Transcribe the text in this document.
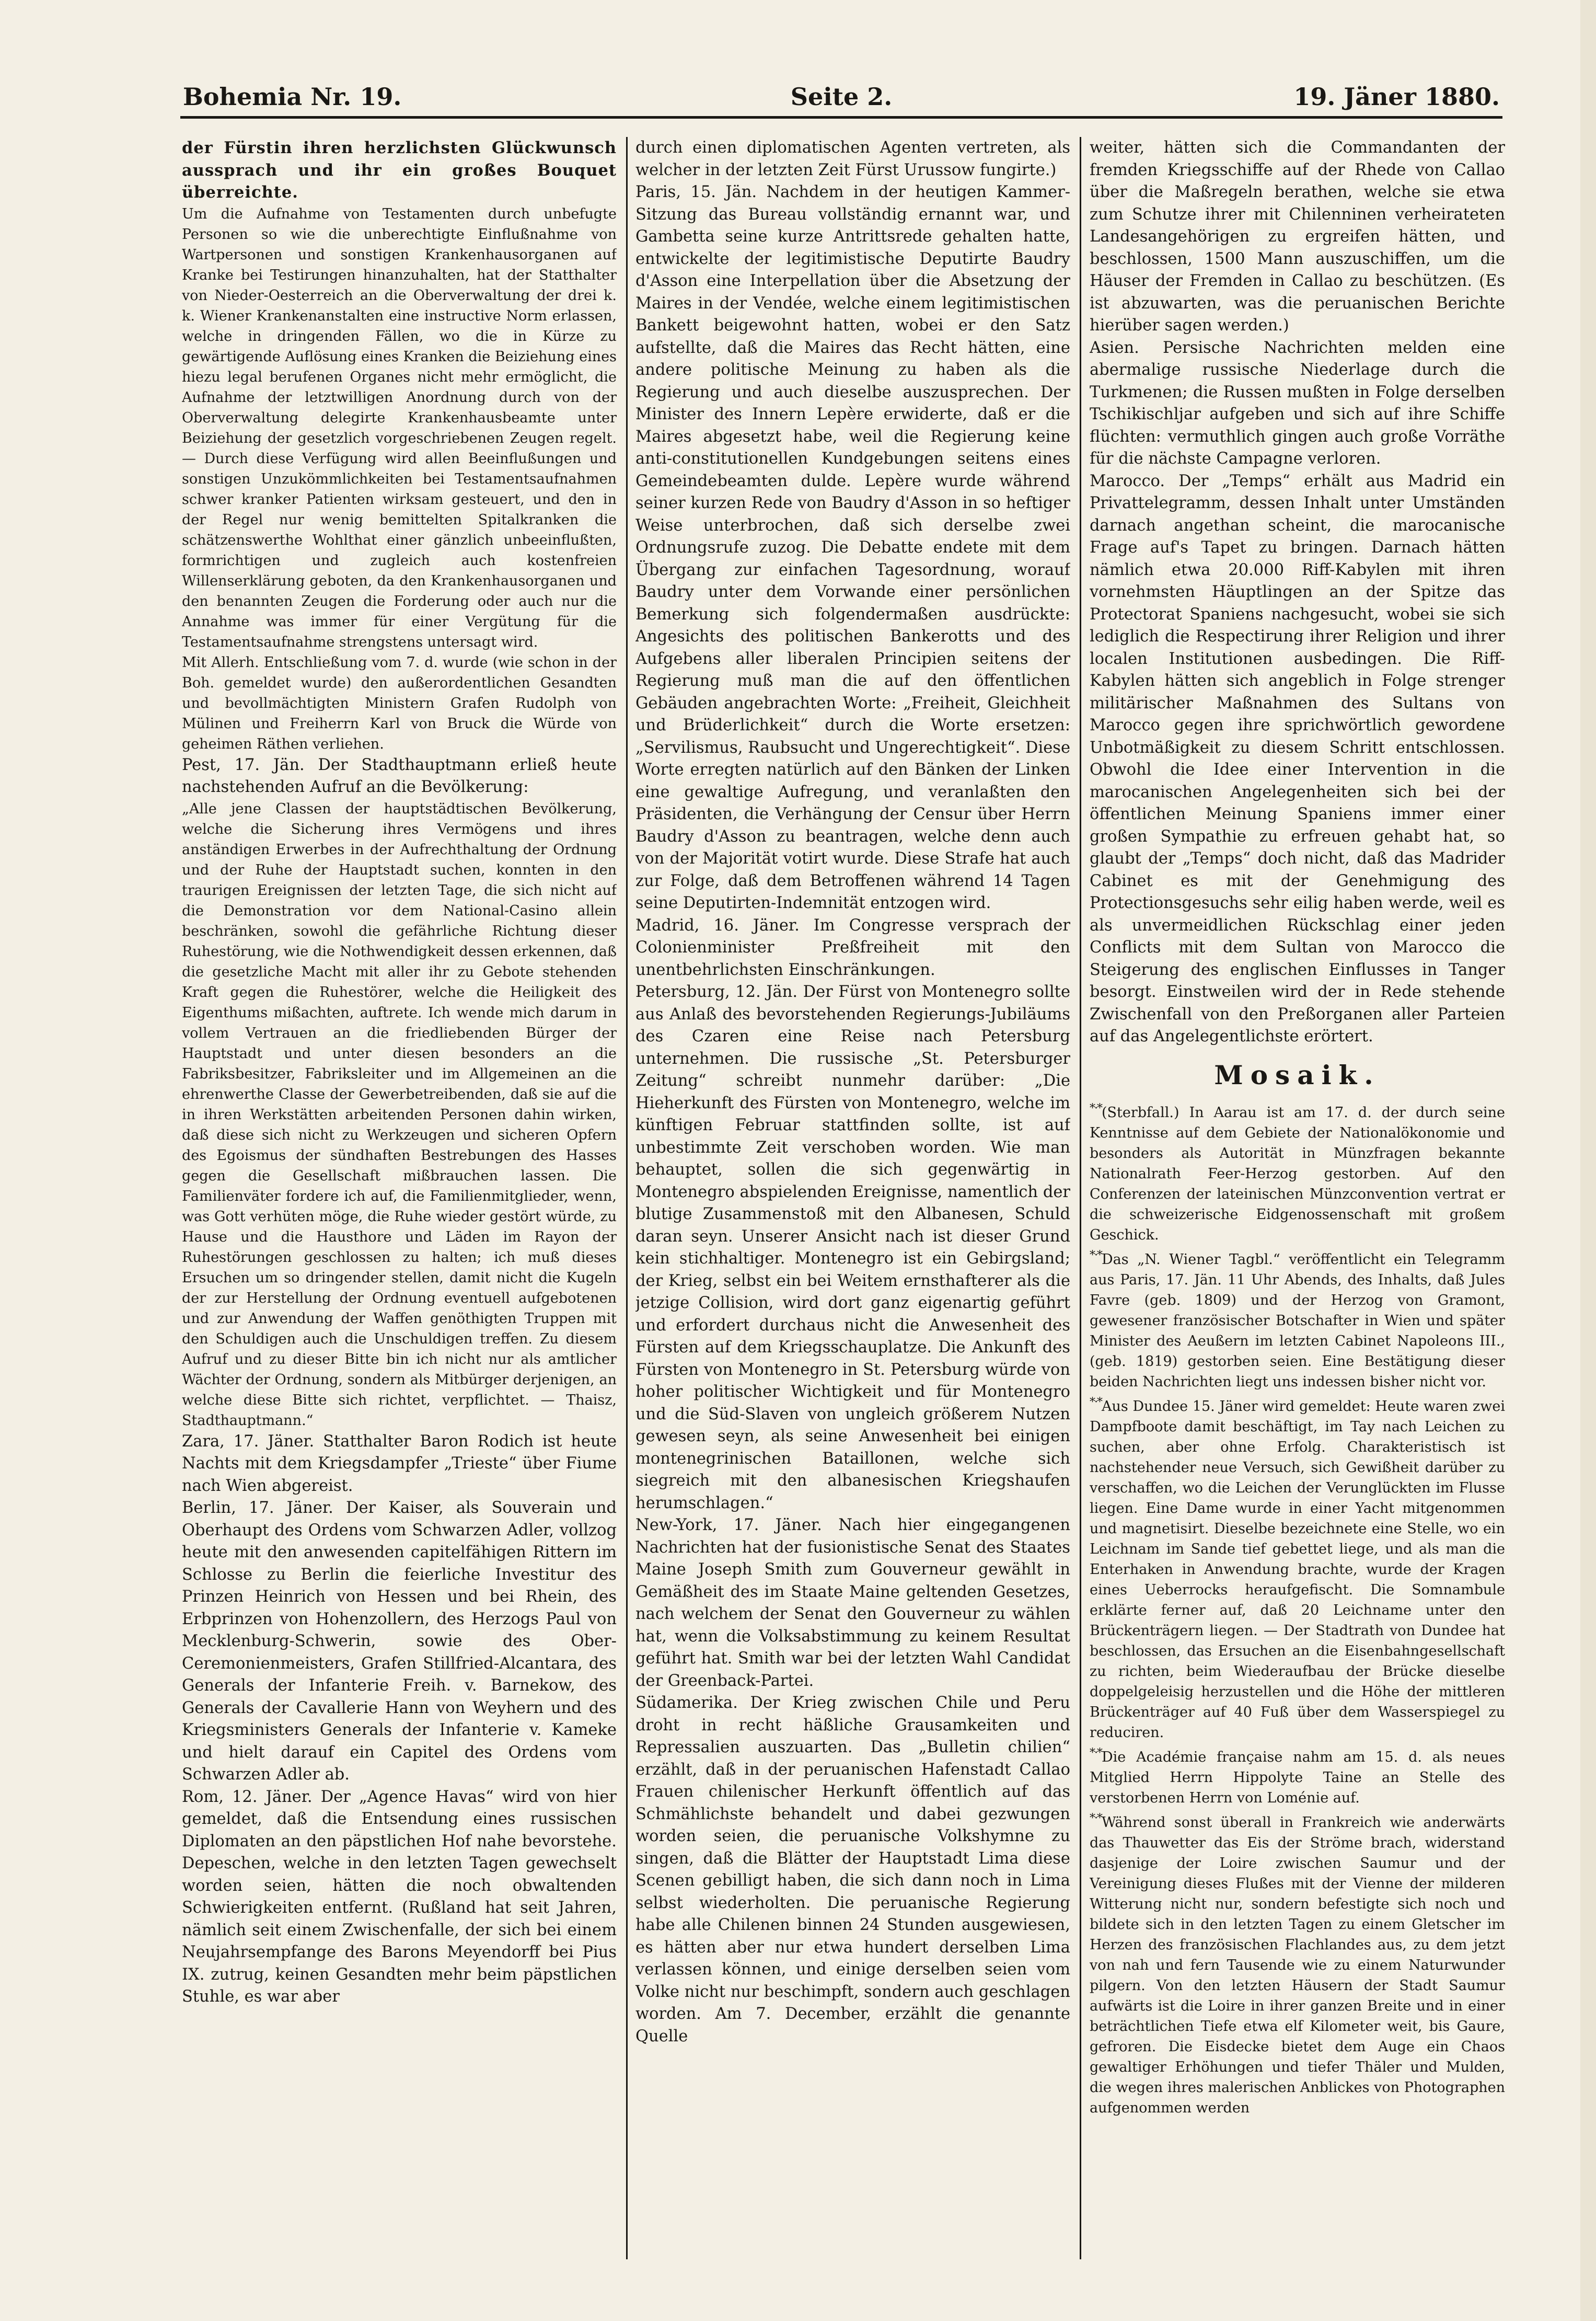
Bohemia Nr. 19.	Seite 2.	19. Jäner 1880.

der Fürstin ihren herzlichsten Glückwunsch aussprach und ihr ein großes Bouquet überreichte.

Um die Aufnahme von Testamenten durch unbefugte Personen so wie die unberechtigte Einflußnahme von Wartpersonen und sonstigen Krankenhausorganen auf Kranke bei Testirungen hinanzuhalten, hat der Statthalter von Nieder-Oesterreich an die Oberverwaltung der drei k. k. Wiener Krankenanstalten eine instructive Norm erlassen, welche in dringenden Fällen, wo die in Kürze zu gewärtigende Auflösung eines Kranken die Beiziehung eines hiezu legal berufenen Organes nicht mehr ermöglicht, die Aufnahme der letztwilligen Anordnung durch von der Oberverwaltung delegirte Krankenhausbeamte unter Beiziehung der gesetzlich vorgeschriebenen Zeugen regelt. — Durch diese Verfügung wird allen Beeinflußungen und sonstigen Unzukömmlichkeiten bei Testamentsaufnahmen schwer kranker Patienten wirksam gesteuert, und den in der Regel nur wenig bemittelten Spitalkranken die schätzenswerthe Wohlthat einer gänzlich unbeeinflußten, formrichtigen und zugleich auch kostenfreien Willenserklärung geboten, da den Krankenhausorganen und den benannten Zeugen die Forderung oder auch nur die Annahme was immer für einer Vergütung für die Testamentsaufnahme strengstens untersagt wird.

Mit Allerh. Entschließung vom 7. d. wurde (wie schon in der Boh. gemeldet wurde) den außerordentlichen Gesandten und bevollmächtigten Ministern Grafen Rudolph von Mülinen und Freiherrn Karl von Bruck die Würde von geheimen Räthen verliehen.

Pest, 17. Jän. Der Stadthauptmann erließ heute nachstehenden Aufruf an die Bevölkerung:

„Alle jene Classen der hauptstädtischen Bevölkerung, welche die Sicherung ihres Vermögens und ihres anständigen Erwerbes in der Aufrechthaltung der Ordnung und der Ruhe der Hauptstadt suchen, konnten in den traurigen Ereignissen der letzten Tage, die sich nicht auf die Demonstration vor dem National-Casino allein beschränken, sowohl die gefährliche Richtung dieser Ruhestörung, wie die Nothwendigkeit dessen erkennen, daß die gesetzliche Macht mit aller ihr zu Gebote stehenden Kraft gegen die Ruhestörer, welche die Heiligkeit des Eigenthums mißachten, auftrete. Ich wende mich darum in vollem Vertrauen an die friedliebenden Bürger der Hauptstadt und unter diesen besonders an die Fabriksbesitzer, Fabriksleiter und im Allgemeinen an die ehrenwerthe Classe der Gewerbetreibenden, daß sie auf die in ihren Werkstätten arbeitenden Personen dahin wirken, daß diese sich nicht zu Werkzeugen und sicheren Opfern des Egoismus der sündhaften Bestrebungen des Hasses gegen die Gesellschaft mißbrauchen lassen. Die Familienväter fordere ich auf, die Familienmitglieder, wenn, was Gott verhüten möge, die Ruhe wieder gestört würde, zu Hause und die Hausthore und Läden im Rayon der Ruhestörungen geschlossen zu halten; ich muß dieses Ersuchen um so dringender stellen, damit nicht die Kugeln der zur Herstellung der Ordnung eventuell aufgebotenen und zur Anwendung der Waffen genöthigten Truppen mit den Schuldigen auch die Unschuldigen treffen. Zu diesem Aufruf und zu dieser Bitte bin ich nicht nur als amtlicher Wächter der Ordnung, sondern als Mitbürger derjenigen, an welche diese Bitte sich richtet, verpflichtet. — Thaisz, Stadthauptmann.“

Zara, 17. Jäner. Statthalter Baron Rodich ist heute Nachts mit dem Kriegsdampfer „Trieste“ über Fiume nach Wien abgereist.

Berlin, 17. Jäner. Der Kaiser, als Souverain und Oberhaupt des Ordens vom Schwarzen Adler, vollzog heute mit den anwesenden capitelfähigen Rittern im Schlosse zu Berlin die feierliche Investitur des Prinzen Heinrich von Hessen und bei Rhein, des Erbprinzen von Hohenzollern, des Herzogs Paul von Mecklenburg-Schwerin, sowie des Ober-Ceremonienmeisters, Grafen Stillfried-Alcantara, des Generals der Infanterie Freih. v. Barnekow, des Generals der Cavallerie Hann von Weyhern und des Kriegsministers Generals der Infanterie v. Kameke und hielt darauf ein Capitel des Ordens vom Schwarzen Adler ab.

Rom, 12. Jäner. Der „Agence Havas“ wird von hier gemeldet, daß die Entsendung eines russischen Diplomaten an den päpstlichen Hof nahe bevorstehe. Depeschen, welche in den letzten Tagen gewechselt worden seien, hätten die noch obwaltenden Schwierigkeiten entfernt. (Rußland hat seit Jahren, nämlich seit einem Zwischenfalle, der sich bei einem Neujahrsempfange des Barons Meyendorff bei Pius IX. zutrug, keinen Gesandten mehr beim päpstlichen Stuhle, es war aber

durch einen diplomatischen Agenten vertreten, als welcher in der letzten Zeit Fürst Urussow fungirte.)

Paris, 15. Jän. Nachdem in der heutigen Kammer-Sitzung das Bureau vollständig ernannt war, und Gambetta seine kurze Antrittsrede gehalten hatte, entwickelte der legitimistische Deputirte Baudry d'Asson eine Interpellation über die Absetzung der Maires in der Vendée, welche einem legitimistischen Bankett beigewohnt hatten, wobei er den Satz aufstellte, daß die Maires das Recht hätten, eine andere politische Meinung zu haben als die Regierung und auch dieselbe auszusprechen. Der Minister des Innern Lepère erwiderte, daß er die Maires abgesetzt habe, weil die Regierung keine anti-constitutionellen Kundgebungen seitens eines Gemeindebeamten dulde. Lepère wurde während seiner kurzen Rede von Baudry d'Asson in so heftiger Weise unterbrochen, daß sich derselbe zwei Ordnungsrufe zuzog. Die Debatte endete mit dem Übergang zur einfachen Tagesordnung, worauf Baudry unter dem Vorwande einer persönlichen Bemerkung sich folgendermaßen ausdrückte: Angesichts des politischen Bankerotts und des Aufgebens aller liberalen Principien seitens der Regierung muß man die auf den öffentlichen Gebäuden angebrachten Worte: „Freiheit, Gleichheit und Brüderlichkeit“ durch die Worte ersetzen: „Servilismus, Raubsucht und Ungerechtigkeit“. Diese Worte erregten natürlich auf den Bänken der Linken eine gewaltige Aufregung, und veranlaßten den Präsidenten, die Verhängung der Censur über Herrn Baudry d'Asson zu beantragen, welche denn auch von der Majorität votirt wurde. Diese Strafe hat auch zur Folge, daß dem Betroffenen während 14 Tagen seine Deputirten-Indemnität entzogen wird.

Madrid, 16. Jäner. Im Congresse versprach der Colonienminister Preßfreiheit mit den unentbehrlichsten Einschränkungen.

Petersburg, 12. Jän. Der Fürst von Montenegro sollte aus Anlaß des bevorstehenden Regierungs-Jubiläums des Czaren eine Reise nach Petersburg unternehmen. Die russische „St. Petersburger Zeitung“ schreibt nunmehr darüber: „Die Hieherkunft des Fürsten von Montenegro, welche im künftigen Februar stattfinden sollte, ist auf unbestimmte Zeit verschoben worden. Wie man behauptet, sollen die sich gegenwärtig in Montenegro abspielenden Ereignisse, namentlich der blutige Zusammenstoß mit den Albanesen, Schuld daran seyn. Unserer Ansicht nach ist dieser Grund kein stichhaltiger. Montenegro ist ein Gebirgsland; der Krieg, selbst ein bei Weitem ernsthafterer als die jetzige Collision, wird dort ganz eigenartig geführt und erfordert durchaus nicht die Anwesenheit des Fürsten auf dem Kriegsschauplatze. Die Ankunft des Fürsten von Montenegro in St. Petersburg würde von hoher politischer Wichtigkeit und für Montenegro und die Süd-Slaven von ungleich größerem Nutzen gewesen seyn, als seine Anwesenheit bei einigen montenegrinischen Bataillonen, welche sich siegreich mit den albanesischen Kriegshaufen herumschlagen.“

New-York, 17. Jäner. Nach hier eingegangenen Nachrichten hat der fusionistische Senat des Staates Maine Joseph Smith zum Gouverneur gewählt in Gemäßheit des im Staate Maine geltenden Gesetzes, nach welchem der Senat den Gouverneur zu wählen hat, wenn die Volksabstimmung zu keinem Resultat geführt hat. Smith war bei der letzten Wahl Candidat der Greenback-Partei.

Südamerika. Der Krieg zwischen Chile und Peru droht in recht häßliche Grausamkeiten und Repressalien auszuarten. Das „Bulletin chilien“ erzählt, daß in der peruanischen Hafenstadt Callao Frauen chilenischer Herkunft öffentlich auf das Schmählichste behandelt und dabei gezwungen worden seien, die peruanische Volkshymne zu singen, daß die Blätter der Hauptstadt Lima diese Scenen gebilligt haben, die sich dann noch in Lima selbst wiederholten. Die peruanische Regierung habe alle Chilenen binnen 24 Stunden ausgewiesen, es hätten aber nur etwa hundert derselben Lima verlassen können, und einige derselben seien vom Volke nicht nur beschimpft, sondern auch geschlagen worden. Am 7. December, erzählt die genannte Quelle

weiter, hätten sich die Commandanten der fremden Kriegsschiffe auf der Rhede von Callao über die Maßregeln berathen, welche sie etwa zum Schutze ihrer mit Chilenninen verheirateten Landesangehörigen zu ergreifen hätten, und beschlossen, 1500 Mann auszuschiffen, um die Häuser der Fremden in Callao zu beschützen. (Es ist abzuwarten, was die peruanischen Berichte hierüber sagen werden.)

Asien. Persische Nachrichten melden eine abermalige russische Niederlage durch die Turkmenen; die Russen mußten in Folge derselben Tschikischljar aufgeben und sich auf ihre Schiffe flüchten: vermuthlich gingen auch große Vorräthe für die nächste Campagne verloren.

Marocco. Der „Temps“ erhält aus Madrid ein Privattelegramm, dessen Inhalt unter Umständen darnach angethan scheint, die marocanische Frage auf's Tapet zu bringen. Darnach hätten nämlich etwa 20.000 Riff-Kabylen mit ihren vornehmsten Häuptlingen an der Spitze das Protectorat Spaniens nachgesucht, wobei sie sich lediglich die Respectirung ihrer Religion und ihrer localen Institutionen ausbedingen. Die Riff-Kabylen hätten sich angeblich in Folge strenger militärischer Maßnahmen des Sultans von Marocco gegen ihre sprichwörtlich gewordene Unbotmäßigkeit zu diesem Schritt entschlossen. Obwohl die Idee einer Intervention in die marocanischen Angelegenheiten sich bei der öffentlichen Meinung Spaniens immer einer großen Sympathie zu erfreuen gehabt hat, so glaubt der „Temps“ doch nicht, daß das Madrider Cabinet es mit der Genehmigung des Protectionsgesuchs sehr eilig haben werde, weil es als unvermeidlichen Rückschlag einer jeden Conflicts mit dem Sultan von Marocco die Steigerung des englischen Einflusses in Tanger besorgt. Einstweilen wird der in Rede stehende Zwischenfall von den Preßorganen aller Parteien auf das Angelegentlichste erörtert.

Mosaik.

*·*(Sterbfall.) In Aarau ist am 17. d. der durch seine Kenntnisse auf dem Gebiete der Nationalökonomie und besonders als Autorität in Münzfragen bekannte Nationalrath Feer-Herzog gestorben. Auf den Conferenzen der lateinischen Münzconvention vertrat er die schweizerische Eidgenossenschaft mit großem Geschick.

*·*Das „N. Wiener Tagbl.“ veröffentlicht ein Telegramm aus Paris, 17. Jän. 11 Uhr Abends, des Inhalts, daß Jules Favre (geb. 1809) und der Herzog von Gramont, gewesener französischer Botschafter in Wien und später Minister des Aeußern im letzten Cabinet Napoleons III., (geb. 1819) gestorben seien. Eine Bestätigung dieser beiden Nachrichten liegt uns indessen bisher nicht vor.

*·*Aus Dundee 15. Jäner wird gemeldet: Heute waren zwei Dampfboote damit beschäftigt, im Tay nach Leichen zu suchen, aber ohne Erfolg. Charakteristisch ist nachstehender neue Versuch, sich Gewißheit darüber zu verschaffen, wo die Leichen der Verunglückten im Flusse liegen. Eine Dame wurde in einer Yacht mitgenommen und magnetisirt. Dieselbe bezeichnete eine Stelle, wo ein Leichnam im Sande tief gebettet liege, und als man die Enterhaken in Anwendung brachte, wurde der Kragen eines Ueberrocks heraufgefischt. Die Somnambule erklärte ferner auf, daß 20 Leichname unter den Brückenträgern liegen. — Der Stadtrath von Dundee hat beschlossen, das Ersuchen an die Eisenbahngesellschaft zu richten, beim Wiederaufbau der Brücke dieselbe doppelgeleisig herzustellen und die Höhe der mittleren Brückenträger auf 40 Fuß über dem Wasserspiegel zu reduciren.

*·*Die Académie française nahm am 15. d. als neues Mitglied Herrn Hippolyte Taine an Stelle des verstorbenen Herrn von Loménie auf.

*·*Während sonst überall in Frankreich wie anderwärts das Thauwetter das Eis der Ströme brach, widerstand dasjenige der Loire zwischen Saumur und der Vereinigung dieses Flußes mit der Vienne der milderen Witterung nicht nur, sondern befestigte sich noch und bildete sich in den letzten Tagen zu einem Gletscher im Herzen des französischen Flachlandes aus, zu dem jetzt von nah und fern Tausende wie zu einem Naturwunder pilgern. Von den letzten Häusern der Stadt Saumur aufwärts ist die Loire in ihrer ganzen Breite und in einer beträchtlichen Tiefe etwa elf Kilometer weit, bis Gaure, gefroren. Die Eisdecke bietet dem Auge ein Chaos gewaltiger Erhöhungen und tiefer Thäler und Mulden, die wegen ihres malerischen Anblickes von Photographen aufgenommen werden
